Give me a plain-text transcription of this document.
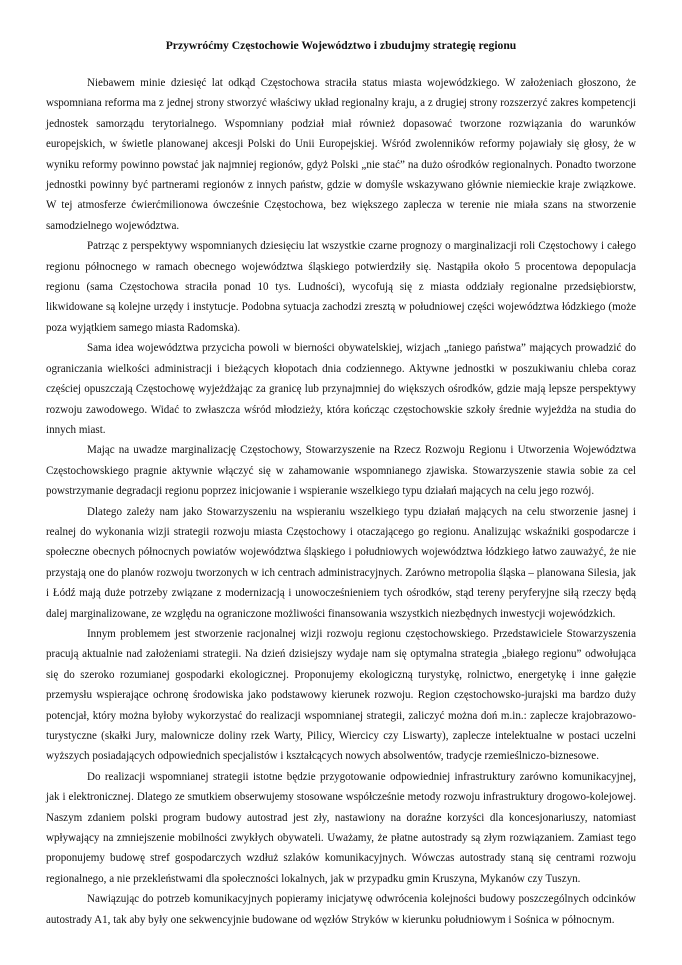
Przywróćmy Częstochowie Województwo i zbudujmy strategię regionu

Niebawem minie dziesięć lat odkąd Częstochowa straciła status miasta wojewódzkiego. W założeniach głoszono, że wspomniana reforma ma z jednej strony stworzyć właściwy układ regionalny kraju, a z drugiej strony rozszerzyć zakres kompetencji jednostek samorządu terytorialnego. Wspomniany podział miał również dopasować tworzone rozwiązania do warunków europejskich, w świetle planowanej akcesji Polski do Unii Europejskiej. Wśród zwolenników reformy pojawiały się głosy, że w wyniku reformy powinno powstać jak najmniej regionów, gdyż Polski „nie stać” na dużo ośrodków regionalnych. Ponadto tworzone jednostki powinny być partnerami regionów z innych państw, gdzie w domyśle wskazywano głównie niemieckie kraje związkowe. W tej atmosferze ćwierćmilionowa ówcześnie Częstochowa, bez większego zaplecza w terenie nie miała szans na stworzenie samodzielnego województwa.

Patrząc z perspektywy wspomnianych dziesięciu lat wszystkie czarne prognozy o marginalizacji roli Częstochowy i całego regionu północnego w ramach obecnego województwa śląskiego potwierdziły się. Nastąpiła około 5 procentowa depopulacja regionu (sama Częstochowa straciła ponad 10 tys. Ludności), wycofują się z miasta oddziały regionalne przedsiębiorstw, likwidowane są kolejne urzędy i instytucje. Podobna sytuacja zachodzi zresztą w południowej części województwa łódzkiego (może poza wyjątkiem samego miasta Radomska).

Sama idea województwa przycicha powoli w bierności obywatelskiej, wizjach „taniego państwa” mających prowadzić do ograniczania wielkości administracji i bieżących kłopotach dnia codziennego. Aktywne jednostki w poszukiwaniu chleba coraz częściej opuszczają Częstochowę wyjeżdżając za granicę lub przynajmniej do większych ośrodków, gdzie mają lepsze perspektywy rozwoju zawodowego. Widać to zwłaszcza wśród młodzieży, która kończąc częstochowskie szkoły średnie wyjeżdża na studia do innych miast.

Mając na uwadze marginalizację Częstochowy, Stowarzyszenie na Rzecz Rozwoju Regionu i Utworzenia Województwa Częstochowskiego pragnie aktywnie włączyć się w zahamowanie wspomnianego zjawiska. Stowarzyszenie stawia sobie za cel powstrzymanie degradacji regionu poprzez inicjowanie i wspieranie wszelkiego typu działań mających na celu jego rozwój.

Dlatego zależy nam jako Stowarzyszeniu na wspieraniu wszelkiego typu działań mających na celu stworzenie jasnej i realnej do wykonania wizji strategii rozwoju miasta Częstochowy i otaczającego go regionu. Analizując wskaźniki gospodarcze i społeczne obecnych północnych powiatów województwa śląskiego i południowych województwa łódzkiego łatwo zauważyć, że nie przystają one do planów rozwoju tworzonych w ich centrach administracyjnych. Zarówno metropolia śląska – planowana Silesia, jak i Łódź mają duże potrzeby związane z modernizacją i unowocześnieniem tych ośrodków, stąd tereny peryferyjne siłą rzeczy będą dalej marginalizowane, ze względu na ograniczone możliwości finansowania wszystkich niezbędnych inwestycji wojewódzkich.

Innym problemem jest stworzenie racjonalnej wizji rozwoju regionu częstochowskiego. Przedstawiciele Stowarzyszenia pracują aktualnie nad założeniami strategii. Na dzień dzisiejszy wydaje nam się optymalna strategia „białego regionu” odwołująca się do szeroko rozumianej gospodarki ekologicznej. Proponujemy ekologiczną turystykę, rolnictwo, energetykę i inne gałęzie przemysłu wspierające ochronę środowiska jako podstawowy kierunek rozwoju. Region częstochowsko-jurajski ma bardzo duży potencjał, który można byłoby wykorzystać do realizacji wspomnianej strategii, zaliczyć można doń m.in.: zaplecze krajobrazowo-turystyczne (skałki Jury, malownicze doliny rzek Warty, Pilicy, Wiercicy czy Liswarty), zaplecze intelektualne w postaci uczelni wyższych posiadających odpowiednich specjalistów i kształcących nowych absolwentów, tradycje rzemieślniczo-biznesowe.

Do realizacji wspomnianej strategii istotne będzie przygotowanie odpowiedniej infrastruktury zarówno komunikacyjnej, jak i elektronicznej. Dlatego ze smutkiem obserwujemy stosowane współcześnie metody rozwoju infrastruktury drogowo-kolejowej. Naszym zdaniem polski program budowy autostrad jest zły, nastawiony na doraźne korzyści dla koncesjonariuszy, natomiast wpływający na zmniejszenie mobilności zwykłych obywateli. Uważamy, że płatne autostrady są złym rozwiązaniem. Zamiast tego proponujemy budowę stref gospodarczych wzdłuż szlaków komunikacyjnych. Wówczas autostrady staną się centrami rozwoju regionalnego, a nie przekleństwami dla społeczności lokalnych, jak w przypadku gmin Kruszyna, Mykanów czy Tuszyn.

Nawiązując do potrzeb komunikacyjnych popieramy inicjatywę odwrócenia kolejności budowy poszczególnych odcinków autostrady A1, tak aby były one sekwencyjnie budowane od węzłów Stryków w kierunku południowym i Sośnica w północnym.
